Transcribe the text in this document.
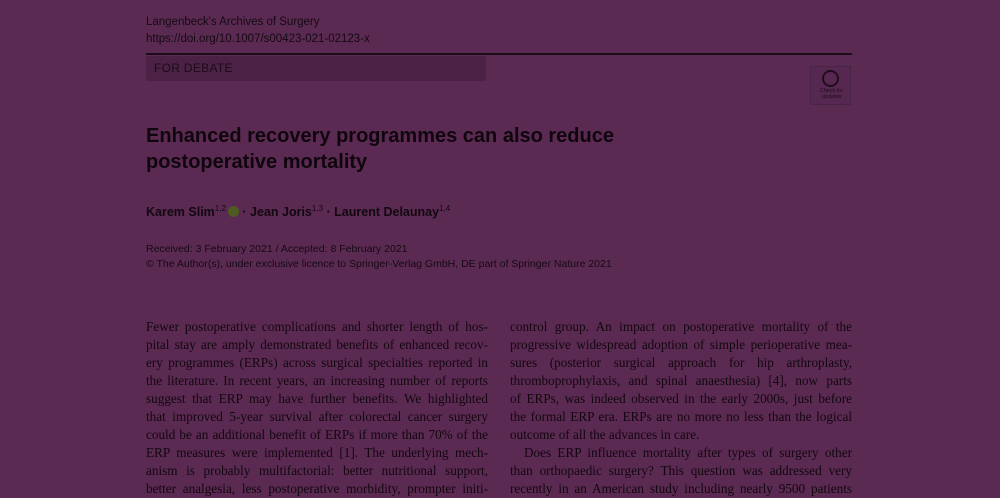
Langenbeck's Archives of Surgery
https://doi.org/10.1007/s00423-021-02123-x
FOR DEBATE
Check for
updates
Enhanced recovery programmes can also reduce
postoperative mortality
Karem Slim$^{1,2}$ · Jean Joris$^{1,3}$ · Laurent Delaunay$^{1,4}$
Received: 3 February 2021 / Accepted: 8 February 2021
© The Author(s), under exclusive licence to Springer-Verlag GmbH, DE part of Springer Nature 2021
Fewer postoperative complications and shorter length of hos-
pital stay are amply demonstrated benefits of enhanced recov-
ery programmes (ERPs) across surgical specialties reported in
the literature. In recent years, an increasing number of reports
suggest that ERP may have further benefits. We highlighted
that improved 5-year survival after colorectal cancer surgery
could be an additional benefit of ERPs if more than 70% of the
ERP measures were implemented [1]. The underlying mech-
anism is probably multifactorial: better nutritional support,
better analgesia, less postoperative morbidity, prompter initi-
control group. An impact on postoperative mortality of the
progressive widespread adoption of simple perioperative mea-
sures (posterior surgical approach for hip arthroplasty,
thromboprophylaxis, and spinal anaesthesia) [4], now parts
of ERPs, was indeed observed in the early 2000s, just before
the formal ERP era. ERPs are no more no less than the logical
outcome of all the advances in care.
Does ERP influence mortality after types of surgery other
than orthopaedic surgery? This question was addressed very
recently in an American study including nearly 9500 patients
